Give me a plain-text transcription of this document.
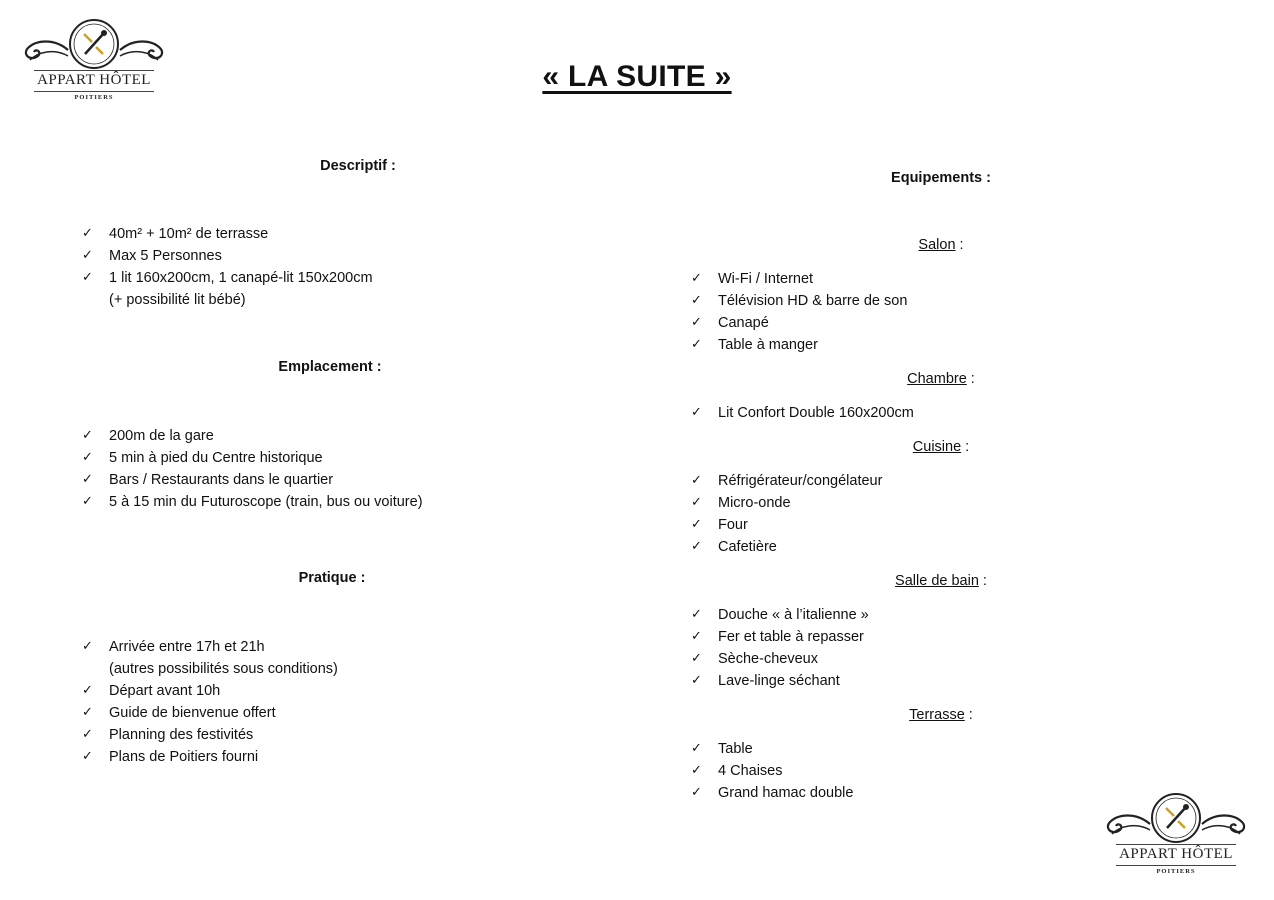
APPART HÔTEL
POITIERS
« LA SUITE »
Descriptif :
✓ 40m² + 10m² de terrasse
✓ Max 5 Personnes
✓ 1 lit 160x200cm, 1 canapé-lit 150x200cm
(+ possibilité lit bébé)
Emplacement :
✓ 200m de la gare
✓ 5 min à pied du Centre historique
✓ Bars / Restaurants dans le quartier
✓ 5 à 15 min du Futuroscope (train, bus ou voiture)
Pratique :
✓ Arrivée entre 17h et 21h
(autres possibilités sous conditions)
✓ Départ avant 10h
✓ Guide de bienvenue offert
✓ Planning des festivités
✓ Plans de Poitiers fourni
Equipements :
Salon :
✓ Wi-Fi / Internet
✓ Télévision HD & barre de son
✓ Canapé
✓ Table à manger
Chambre :
✓ Lit Confort Double 160x200cm
Cuisine :
✓ Réfrigérateur/congélateur
✓ Micro-onde
✓ Four
✓ Cafetière
Salle de bain :
✓ Douche « à l’italienne »
✓ Fer et table à repasser
✓ Sèche-cheveux
✓ Lave-linge séchant
Terrasse :
✓ Table
✓ 4 Chaises
✓ Grand hamac double
APPART HÔTEL
POITIERS
